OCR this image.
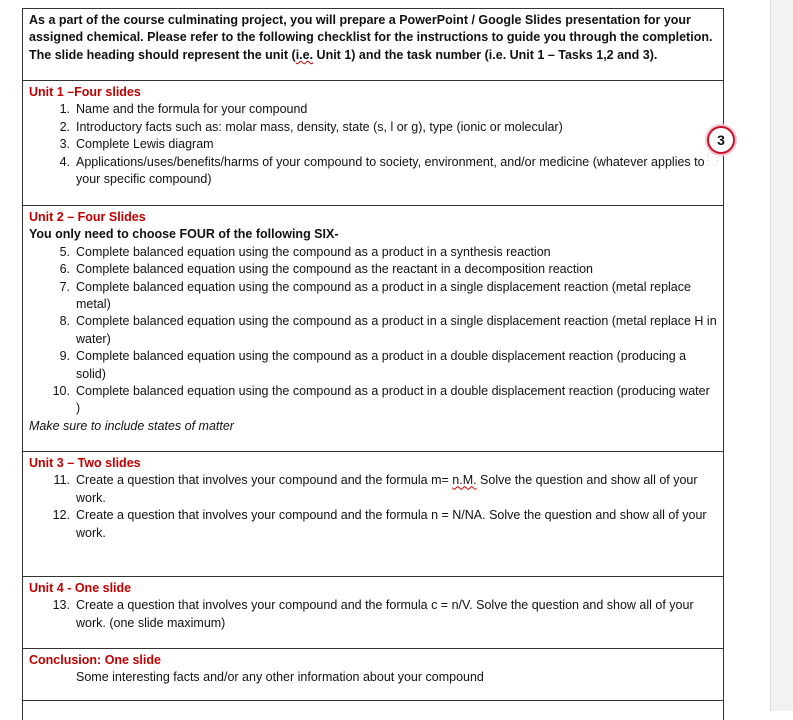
As a part of the course culminating project, you will prepare a PowerPoint / Google Slides presentation for your
assigned chemical. Please refer to the following checklist for the instructions to guide you through the completion.
The slide heading should represent the unit (i.e. Unit 1) and the task number (i.e. Unit 1 – Tasks 1,2 and 3).
Unit 1 –Four slides
1. Name and the formula for your compound
2. Introductory facts such as: molar mass, density, state (s, l or g), type (ionic or molecular)
3. Complete Lewis diagram
4. Applications/uses/benefits/harms of your compound to society, environment, and/or medicine (whatever applies to your specific compound)
Unit 2 – Four Slides
You only need to choose FOUR of the following SIX-
5. Complete balanced equation using the compound as a product in a synthesis reaction
6. Complete balanced equation using the compound as the reactant in a decomposition reaction
7. Complete balanced equation using the compound as a product in a single displacement reaction (metal replace metal)
8. Complete balanced equation using the compound as a product in a single displacement reaction (metal replace H in water)
9. Complete balanced equation using the compound as a product in a double displacement reaction (producing a solid)
10. Complete balanced equation using the compound as a product in a double displacement reaction (producing water )
Make sure to include states of matter
Unit 3 – Two slides
11. Create a question that involves your compound and the formula m= n.M. Solve the question and show all of your work.
12. Create a question that involves your compound and the formula n = N/NA. Solve the question and show all of your work.
Unit 4 - One slide
13. Create a question that involves your compound and the formula c = n/V. Solve the question and show all of your work. (one slide maximum)
Conclusion: One slide
Some interesting facts and/or any other information about your compound
3
⋮⋮
